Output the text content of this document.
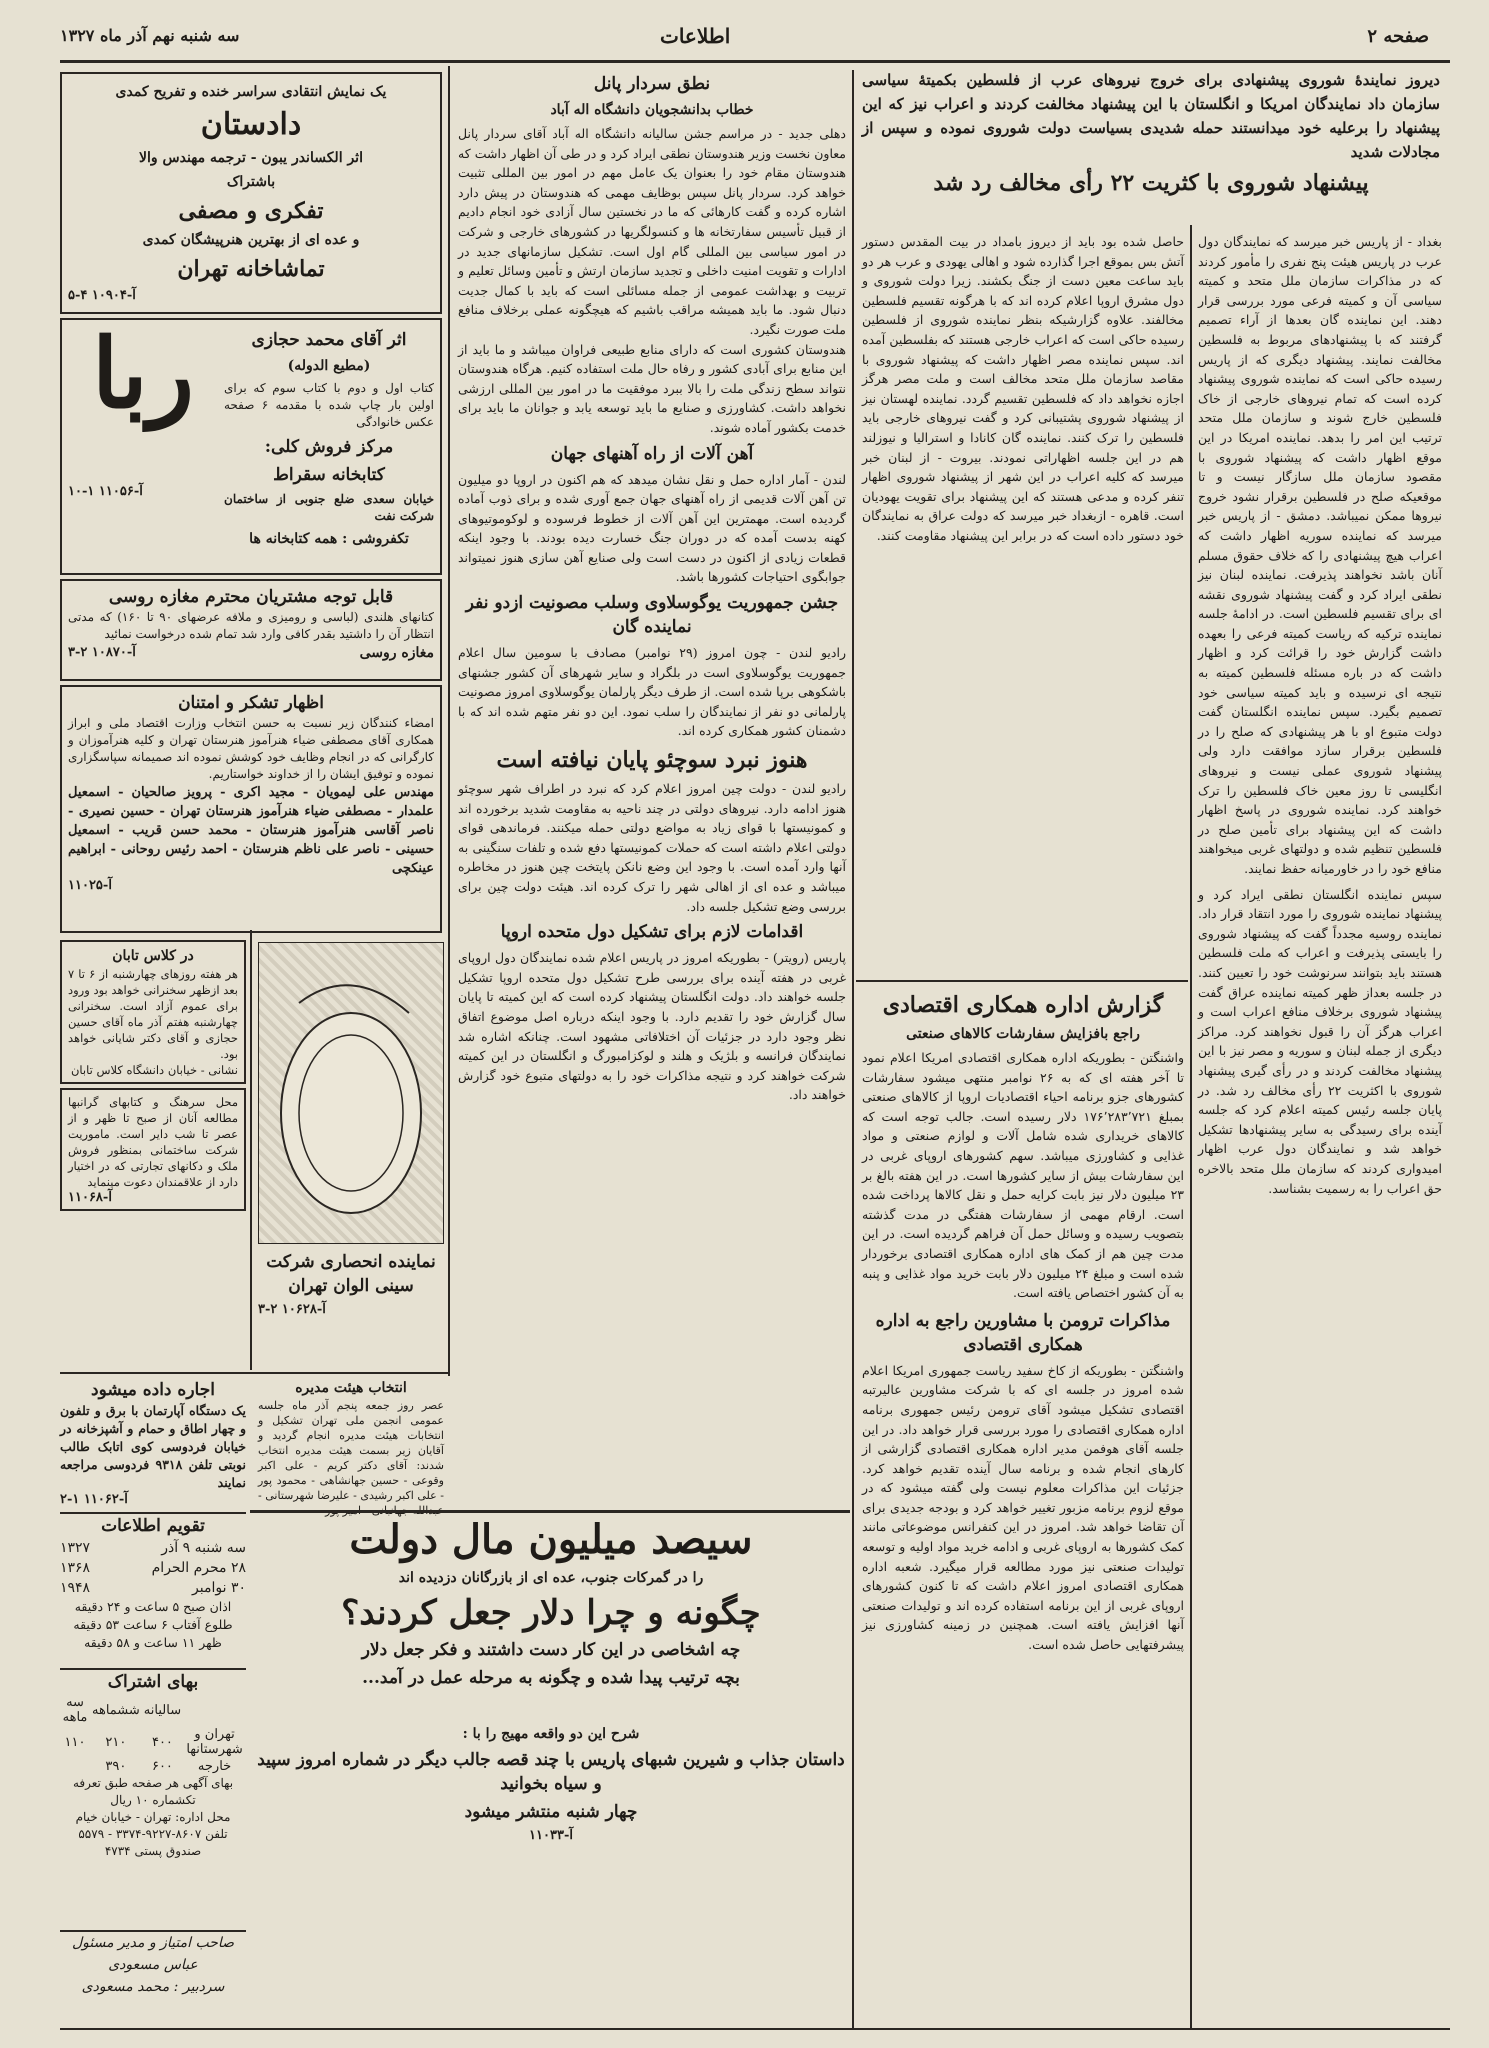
صفحه ۲
اطلاعات
سه شنبه نهم آذر ماه ۱۳۲۷
دیروز نمایندهٔ شوروی پیشنهادی برای خروج نیروهای عرب از فلسطین بکمیتهٔ سیاسی سازمان داد نمایندگان امریکا و انگلستان با این پیشنهاد مخالفت کردند و اعراب نیز که این پیشنهاد را برعلیه خود میدانستند حمله شدیدی بسیاست دولت شوروی نموده و سپس از مجادلات شدید
پیشنهاد شوروی با کثریت ۲۲ رأی مخالف رد شد
بغداد - از پاریس خبر میرسد که نمایندگان دول عرب در پاریس هیئت پنج نفری را مأمور کردند که در مذاکرات سازمان ملل متحد و کمیته سیاسی آن و کمیته فرعی مورد بررسی قرار دهند. این نماینده گان بعدها از آراء تصمیم گرفتند که با پیشنهادهای مربوط به فلسطین مخالفت نمایند. پیشنهاد دیگری که از پاریس رسیده حاکی است که نماینده شوروی پیشنهاد کرده است که تمام نیروهای خارجی از خاک فلسطین خارج شوند و سازمان ملل متحد ترتیب این امر را بدهد. نماینده امریکا در این موقع اظهار داشت که پیشنهاد شوروی با مقصود سازمان ملل سازگار نیست و تا موقعیکه صلح در فلسطین برقرار نشود خروج نیروها ممکن نمیباشد. دمشق - از پاریس خبر میرسد که نماینده سوریه اظهار داشت که اعراب هیچ پیشنهادی را که خلاف حقوق مسلم آنان باشد نخواهند پذیرفت. نماینده لبنان نیز نطقی ایراد کرد و گفت پیشنهاد شوروی نقشه ای برای تقسیم فلسطین است. در ادامهٔ جلسه نماینده ترکیه که ریاست کمیته فرعی را بعهده داشت گزارش خود را قرائت کرد و اظهار داشت که در باره مسئله فلسطین کمیته به نتیجه ای نرسیده و باید کمیته سیاسی خود تصمیم بگیرد. سپس نماینده انگلستان گفت دولت متبوع او با هر پیشنهادی که صلح را در فلسطین برقرار سازد موافقت دارد ولی پیشنهاد شوروی عملی نیست و نیروهای انگلیسی تا روز معین خاک فلسطین را ترک خواهند کرد. نماینده شوروی در پاسخ اظهار داشت که این پیشنهاد برای تأمین صلح در فلسطین تنظیم شده و دولتهای غربی میخواهند منافع خود را در خاورمیانه حفظ نمایند.
سپس نماینده انگلستان نطقی ایراد کرد و پیشنهاد نماینده شوروی را مورد انتقاد قرار داد. نماینده روسیه مجدداً گفت که پیشنهاد شوروی را بایستی پذیرفت و اعراب که ملت فلسطین هستند باید بتوانند سرنوشت خود را تعیین کنند. در جلسه بعداز ظهر کمیته نماینده عراق گفت پیشنهاد شوروی برخلاف منافع اعراب است و اعراب هرگز آن را قبول نخواهند کرد. مراکز دیگری از جمله لبنان و سوریه و مصر نیز با این پیشنهاد مخالفت کردند و در رأی گیری پیشنهاد شوروی با اکثریت ۲۲ رأی مخالف رد شد. در پایان جلسه رئیس کمیته اعلام کرد که جلسه آینده برای رسیدگی به سایر پیشنهادها تشکیل خواهد شد و نمایندگان دول عرب اظهار امیدواری کردند که سازمان ملل متحد بالاخره حق اعراب را به رسمیت بشناسد.
حاصل شده بود باید از دیروز بامداد در بیت المقدس دستور آتش بس بموقع اجرا گذارده شود و اهالی یهودی و عرب هر دو باید ساعت معین دست از جنگ بکشند. زیرا دولت شوروی و دول مشرق اروپا اعلام کرده اند که با هرگونه تقسیم فلسطین مخالفند. علاوه گزارشیکه بنظر نماینده شوروی از فلسطین رسیده حاکی است که اعراب خارجی هستند که بفلسطین آمده اند. سپس نماینده مصر اظهار داشت که پیشنهاد شوروی با مقاصد سازمان ملل متحد مخالف است و ملت مصر هرگز اجازه نخواهد داد که فلسطین تقسیم گردد. نماینده لهستان نیز از پیشنهاد شوروی پشتیبانی کرد و گفت نیروهای خارجی باید فلسطین را ترک کنند. نماینده گان کانادا و استرالیا و نیوزلند هم در این جلسه اظهاراتی نمودند. بیروت - از لبنان خبر میرسد که کلیه اعراب در این شهر از پیشنهاد شوروی اظهار تنفر کرده و مدعی هستند که این پیشنهاد برای تقویت یهودیان است. قاهره - ازبغداد خبر میرسد که دولت عراق به نمایندگان خود دستور داده است که در برابر این پیشنهاد مقاومت کنند.
گزارش اداره همکاری اقتصادی
راجع بافزایش سفارشات کالاهای صنعتی
واشنگتن - بطوریکه اداره همکاری اقتصادی امریکا اعلام نمود تا آخر هفته ای که به ۲۶ نوامبر منتهی میشود سفارشات کشورهای جزو برنامه احیاء اقتصادیات اروپا از کالاهای صنعتی بمبلغ ۱۷۶٬۲۸۳٬۷۲۱ دلار رسیده است. جالب توجه است که کالاهای خریداری شده شامل آلات و لوازم صنعتی و مواد غذایی و کشاورزی میباشد. سهم کشورهای اروپای غربی در این سفارشات بیش از سایر کشورها است. در این هفته بالغ بر ۲۳ میلیون دلار نیز بابت کرایه حمل و نقل کالاها پرداخت شده است. ارقام مهمی از سفارشات هفتگی در مدت گذشته بتصویب رسیده و وسائل حمل آن فراهم گردیده است. در این مدت چین هم از کمک های اداره همکاری اقتصادی برخوردار شده است و مبلغ ۲۴ میلیون دلار بابت خرید مواد غذایی و پنبه به آن کشور اختصاص یافته است.
مذاکرات ترومن با مشاورین راجع به اداره همکاری اقتصادی
واشنگتن - بطوریکه از کاخ سفید ریاست جمهوری امریکا اعلام شده امروز در جلسه ای که با شرکت مشاورین عالیرتبه اقتصادی تشکیل میشود آقای ترومن رئیس جمهوری برنامه اداره همکاری اقتصادی را مورد بررسی قرار خواهد داد. در این جلسه آقای هوفمن مدیر اداره همکاری اقتصادی گزارشی از کارهای انجام شده و برنامه سال آینده تقدیم خواهد کرد. جزئیات این مذاکرات معلوم نیست ولی گفته میشود که در موقع لزوم برنامه مزبور تغییر خواهد کرد و بودجه جدیدی برای آن تقاضا خواهد شد. امروز در این کنفرانس موضوعاتی مانند کمک کشورها به اروپای غربی و ادامه خرید مواد اولیه و توسعه تولیدات صنعتی نیز مورد مطالعه قرار میگیرد. شعبه اداره همکاری اقتصادی امروز اعلام داشت که تا کنون کشورهای اروپای غربی از این برنامه استفاده کرده اند و تولیدات صنعتی آنها افزایش یافته است. همچنین در زمینه کشاورزی نیز پیشرفتهایی حاصل شده است.
نطق سردار پانل
خطاب بدانشجویان دانشگاه اله آباد
دهلی جدید - در مراسم جشن سالیانه دانشگاه اله آباد آقای سردار پانل معاون نخست وزیر هندوستان نطقی ایراد کرد و در طی آن اظهار داشت که هندوستان مقام خود را بعنوان یک عامل مهم در امور بین المللی تثبیت خواهد کرد. سردار پانل سپس بوظایف مهمی که هندوستان در پیش دارد اشاره کرده و گفت کارهائی که ما در نخستین سال آزادی خود انجام دادیم از قبیل تأسیس سفارتخانه ها و کنسولگریها در کشورهای خارجی و شرکت در امور سیاسی بین المللی گام اول است. تشکیل سازمانهای جدید در ادارات و تقویت امنیت داخلی و تجدید سازمان ارتش و تأمین وسائل تعلیم و تربیت و بهداشت عمومی از جمله مسائلی است که باید با کمال جدیت دنبال شود. ما باید همیشه مراقب باشیم که هیچگونه عملی برخلاف منافع ملت صورت نگیرد.
هندوستان کشوری است که دارای منابع طبیعی فراوان میباشد و ما باید از این منابع برای آبادی کشور و رفاه حال ملت استفاده کنیم. هرگاه هندوستان نتواند سطح زندگی ملت را بالا ببرد موفقیت ما در امور بین المللی ارزشی نخواهد داشت. کشاورزی و صنایع ما باید توسعه یابد و جوانان ما باید برای خدمت بکشور آماده شوند.
آهن آلات از راه آهنهای جهان
لندن - آمار اداره حمل و نقل نشان میدهد که هم اکنون در اروپا دو میلیون تن آهن آلات قدیمی از راه آهنهای جهان جمع آوری شده و برای ذوب آماده گردیده است. مهمترین این آهن آلات از خطوط فرسوده و لوکوموتیوهای کهنه بدست آمده که در دوران جنگ خسارت دیده بودند. با وجود اینکه قطعات زیادی از اکنون در دست است ولی صنایع آهن سازی هنوز نمیتواند جوابگوی احتیاجات کشورها باشد.
جشن جمهوریت یوگوسلاوی وسلب مصونیت ازدو نفر نماینده گان
رادیو لندن - چون امروز (۲۹ نوامبر) مصادف با سومین سال اعلام جمهوریت یوگوسلاوی است در بلگراد و سایر شهرهای آن کشور جشنهای باشکوهی برپا شده است. از طرف دیگر پارلمان یوگوسلاوی امروز مصونیت پارلمانی دو نفر از نمایندگان را سلب نمود. این دو نفر متهم شده اند که با دشمنان کشور همکاری کرده اند.
هنوز نبرد سوچئو پایان نیافته است
رادیو لندن - دولت چین امروز اعلام کرد که نبرد در اطراف شهر سوچئو هنوز ادامه دارد. نیروهای دولتی در چند ناحیه به مقاومت شدید برخورده اند و کمونیستها با قوای زیاد به مواضع دولتی حمله میکنند. فرماندهی قوای دولتی اعلام داشته است که حملات کمونیستها دفع شده و تلفات سنگینی به آنها وارد آمده است. با وجود این وضع نانکن پایتخت چین هنوز در مخاطره میباشد و عده ای از اهالی شهر را ترک کرده اند. هیئت دولت چین برای بررسی وضع تشکیل جلسه داد.
اقدامات لازم برای تشکیل دول متحده اروپا
پاریس (رویتر) - بطوریکه امروز در پاریس اعلام شده نمایندگان دول اروپای غربی در هفته آینده برای بررسی طرح تشکیل دول متحده اروپا تشکیل جلسه خواهند داد. دولت انگلستان پیشنهاد کرده است که این کمیته تا پایان سال گزارش خود را تقدیم دارد. با وجود اینکه درباره اصل موضوع اتفاق نظر وجود دارد در جزئیات آن اختلافاتی مشهود است. چنانکه اشاره شد نمایندگان فرانسه و بلژیک و هلند و لوکزامبورگ و انگلستان در این کمیته شرکت خواهند کرد و نتیجه مذاکرات خود را به دولتهای متبوع خود گزارش خواهند داد.
یک نمایش انتقادی سراسر خنده و تفریح کمدی
دادستان
اثر الکساندر یبون - ترجمه مهندس والا
باشتراک
تفکری و مصفی
و عده ای از بهترین هنرپیشگان کمدی
تماشاخانه تهران
آ-۱۰۹۰۴ ۴-۵
اثر آقای محمد حجازی
(مطیع الدوله)
کتاب اول و دوم با کتاب سوم که برای اولین بار چاپ شده با مقدمه ۶ صفحه عکس خانوادگی
مرکز فروش کلی:
کتابخانه سقراط
خیابان سعدی ضلع جنوبی از ساختمان شرکت نفت
تکفروشی : همه کتابخانه ها
ربا
آ-۱۱۰۵۶ ۱-۱۰
قابل توجه مشتریان محترم مغازه روسی
کتانهای هلندی (لباسی و رومیزی و ملافه عرضهای ۹۰ تا ۱۶۰) که مدتی انتظار آن را داشتید بقدر کافی وارد شد تمام شده درخواست نمائید
مغازه روسی
آ-۱۰۸۷۰ ۲-۳
اظهار تشکر و امتنان
امضاء کنندگان زیر نسبت به حسن انتخاب وزارت اقتصاد ملی و ابراز همکاری آقای مصطفی ضیاء هنرآموز هنرستان تهران و کلیه هنرآموزان و کارگرانی که در انجام وظایف خود کوشش نموده اند صمیمانه سپاسگزاری نموده و توفیق ایشان را از خداوند خواستاریم.
مهندس علی لیمویان - مجید اکری - پرویز صالحیان - اسمعیل علمدار - مصطفی ضیاء هنرآموز هنرستان تهران - حسین نصیری - ناصر آقاسی هنرآموز هنرستان - محمد حسن قریب - اسمعیل حسینی - ناصر علی ناظم هنرستان - احمد رئیس روحانی - ابراهیم عینکچی
آ-۱۱۰۲۵
نماینده انحصاری شرکت سینی الوان تهران
آ-۱۰۶۲۸ ۲-۳
در کلاس تابان
هر هفته روزهای چهارشنبه از ۶ تا ۷ بعد ازظهر سخنرانی خواهد بود ورود برای عموم آزاد است. سخنرانی چهارشنبه هفتم آذر ماه آقای حسین حجازی و آقای دکتر شایانی خواهد بود.
نشانی - خیابان دانشگاه کلاس تابان
محل سرهنگ و کتابهای گرانبها مطالعه آنان از صبح تا ظهر و از عصر تا شب دایر است. ماموریت شرکت ساختمانی بمنظور فروش ملک و دکانهای تجارتی که در اختیار دارد از علاقمندان دعوت مینماید
آ-۱۱۰۶۸
اجاره داده میشود
یک دستگاه آپارتمان با برق و تلفون و چهار اطاق و حمام و آشپزخانه در خیابان فردوسی کوی اتابک طالب نوبتی تلفن ۹۳۱۸ فردوسی مراجعه نمایند
آ-۱۱۰۶۲ ۱-۲
انتخاب هیئت مدیره
عصر روز جمعه پنجم آذر ماه جلسه عمومی انجمن ملی تهران تشکیل و انتخابات هیئت مدیره انجام گردید و آقایان زیر بسمت هیئت مدیره انتخاب شدند: آقای دکتر کریم - علی اکبر وقوعی - حسین جهانشاهی - محمود پور - علی اکبر رشیدی - علیرضا شهرستانی -
سیصد میلیون مال دولت
را در گمرکات جنوب، عده ای از بازرگانان دزدیده اند
چگونه و چرا دلار جعل کردند؟
چه اشخاصی در این کار دست داشتند و فکر جعل دلار
بچه ترتیب پیدا شده و چگونه به مرحله عمل در آمد...
شرح این دو واقعه مهیج را با :
داستان جذاب و شیرین شبهای پاریس با چند قصه جالب دیگر در شماره امروز سپید و سیاه بخوانید
چهار شنبه منتشر میشود
آ-۱۱۰۳۳
تقویم اطلاعات
سه شنبه ۹ آذر
۱۳۲۷
۲۸ محرم الحرام
۱۳۶۸
۳۰ نوامبر
۱۹۴۸
اذان صبح ۵ ساعت و ۲۴ دقیقه
طلوع آفتاب ۶ ساعت ۵۳ دقیقه
ظهر ۱۱ ساعت و ۵۸ دقیقه
بهای اشتراک
	سالیانه	ششماهه	سه ماهه
تهران و شهرستانها	۴۰۰	۲۱۰	۱۱۰
خارجه	۶۰۰	۳۹۰	
بهای آگهی هر صفحه طبق تعرفه تکشماره ۱۰ ریال
محل اداره: تهران - خیابان خیام
تلفن ۸۶۰۷-۹۲۲۷-۳۳۷۴ - ۵۵۷۹
صندوق پستی ۴۷۳۴
صاحب امتیاز و مدیر مسئول عباس مسعودی
سردبیر : محمد مسعودی
